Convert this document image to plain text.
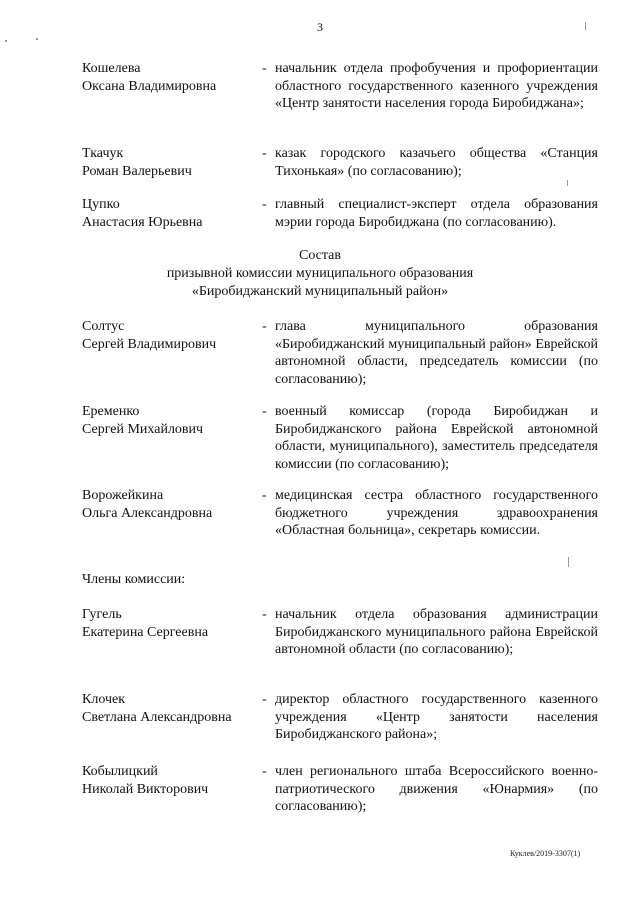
3
Кошелева
Оксана Владимировна
- начальник отдела профобучения и профориентации областного государственного казенного учреждения «Центр занятости населения города Биробиджана»;
Ткачук
Роман Валерьевич
- казак городского казачьего общества «Станция Тихонькая» (по согласованию);
Цупко
Анастасия Юрьевна
- главный специалист-эксперт отдела образования мэрии города Биробиджана (по согласованию).
Состав
призывной комиссии муниципального образования
«Биробиджанский муниципальный район»
Солтус
Сергей Владимирович
- глава муниципального образования «Биробиджанский муниципальный район» Еврейской автономной области, председатель комиссии (по согласованию);
Еременко
Сергей Михайлович
- военный комиссар (города Биробиджан и Биробиджанского района Еврейской автономной области, муниципального), заместитель председателя комиссии (по согласованию);
Ворожейкина
Ольга Александровна
- медицинская сестра областного государственного бюджетного учреждения здравоохранения «Областная больница», секретарь комиссии.
Члены комиссии:
Гугель
Екатерина Сергеевна
- начальник отдела образования администрации Биробиджанского муниципального района Еврейской автономной области (по согласованию);
Клочек
Светлана Александровна
- директор областного государственного казенного учреждения «Центр занятости населения Биробиджанского района»;
Кобылицкий
Николай Викторович
- член регионального штаба Всероссийского военно-патриотического движения «Юнармия» (по согласованию);
Куклев/2019-3307(1)
